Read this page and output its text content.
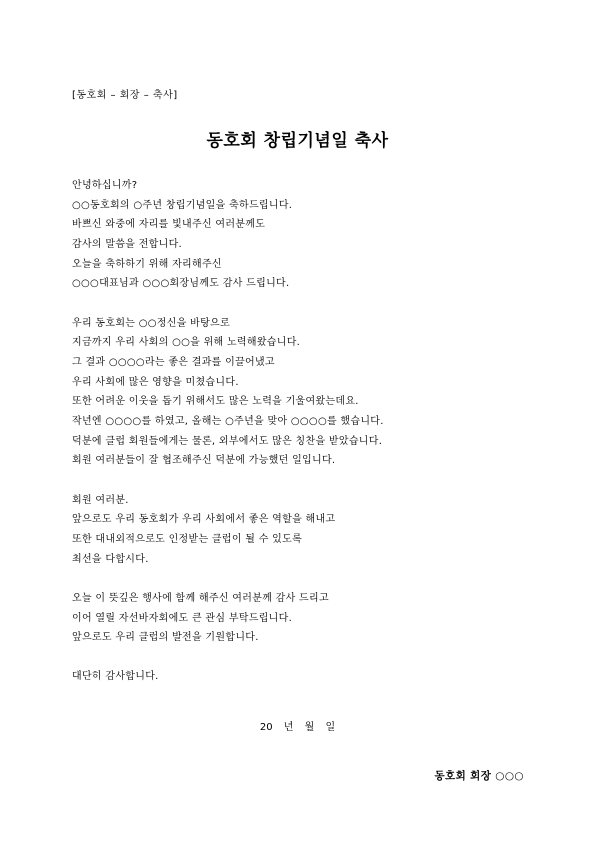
[동호회 – 회장 – 축사]
동호회 창립기념일 축사
안녕하십니까?
○○동호회의 ○주년 창립기념일을 축하드립니다.
바쁘신 와중에 자리를 빛내주신 여러분께도
감사의 말씀을 전합니다.
오늘을 축하하기 위해 자리해주신
○○○대표님과 ○○○회장님께도 감사 드립니다.
우리 동호회는 ○○정신을 바탕으로
지금까지 우리 사회의 ○○을 위해 노력해왔습니다.
그 결과 ○○○○라는 좋은 결과를 이끌어냈고
우리 사회에 많은 영향을 미쳤습니다.
또한 어려운 이웃을 돕기 위해서도 많은 노력을 기울여왔는데요.
작년엔 ○○○○를 하였고, 올해는 ○주년을 맞아 ○○○○를 했습니다.
덕분에 클럽 회원들에게는 물론, 외부에서도 많은 칭찬을 받았습니다.
회원 여러분들이 잘 협조해주신 덕분에 가능했던 일입니다.
회원 여러분.
앞으로도 우리 동호회가 우리 사회에서 좋은 역할을 해내고
또한 대내외적으로도 인정받는 클럽이 될 수 있도록
최선을 다합시다.
오늘 이 뜻깊은 행사에 함께 해주신 여러분께 감사 드리고
이어 열릴 자선바자회에도 큰 관심 부탁드립니다.
앞으로도 우리 클럽의 발전을 기원합니다.
대단히 감사합니다.
20 년 월 일
동호회 회장 ○○○
